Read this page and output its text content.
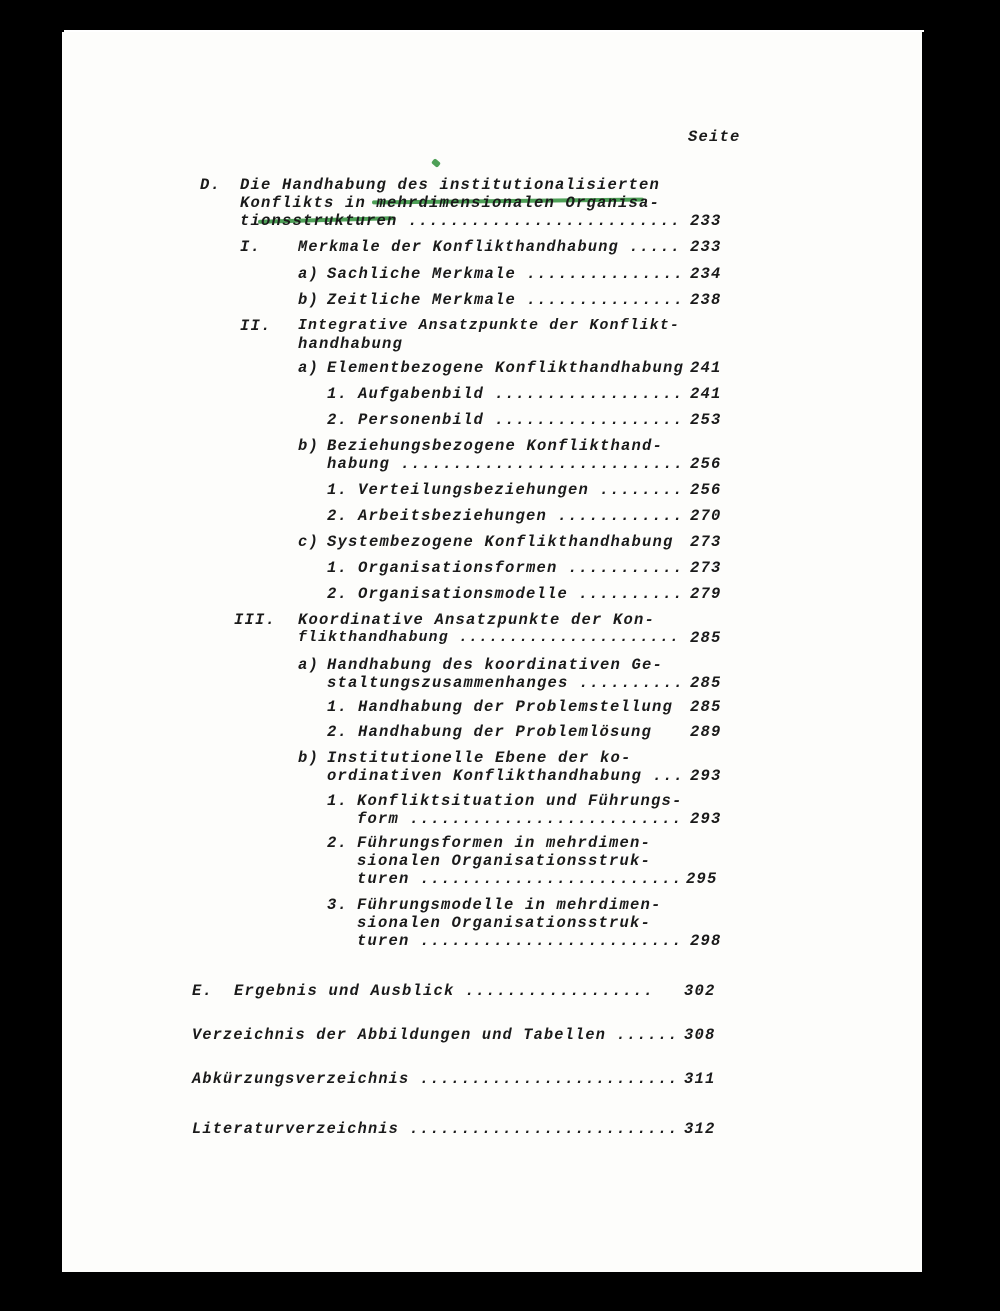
Seite
D. Die Handhabung des institutionalisierten
Konflikts in mehrdimensionalen Organisa-
tionsstrukturen .......................... 233
I. Merkmale der Konflikthandhabung ..... 233
a) Sachliche Merkmale ............... 234
b) Zeitliche Merkmale ............... 238
II. Integrative Ansatzpunkte der Konflikt-
handhabung
a) Elementbezogene Konflikthandhabung 241
1. Aufgabenbild .................. 241
2. Personenbild .................. 253
b) Beziehungsbezogene Konflikthand-
habung ........................... 256
1. Verteilungsbeziehungen ........ 256
2. Arbeitsbeziehungen ............ 270
c) Systembezogene Konflikthandhabung 273
1. Organisationsformen ........... 273
2. Organisationsmodelle .......... 279
III. Koordinative Ansatzpunkte der Kon-
flikthandhabung ...................... 285
a) Handhabung des koordinativen Ge-
staltungszusammenhanges .......... 285
1. Handhabung der Problemstellung 285
2. Handhabung der Problemlösung 289
b) Institutionelle Ebene der ko-
ordinativen Konflikthandhabung ... 293
1. Konfliktsituation und Führungs-
form .......................... 293
2. Führungsformen in mehrdimen-
sionalen Organisationsstruk-
turen ......................... 295
3. Führungsmodelle in mehrdimen-
sionalen Organisationsstruk-
turen ......................... 298
E. Ergebnis und Ausblick .................. 302
Verzeichnis der Abbildungen und Tabellen ...... 308
Abkürzungsverzeichnis ......................... 311
Literaturverzeichnis .......................... 312
